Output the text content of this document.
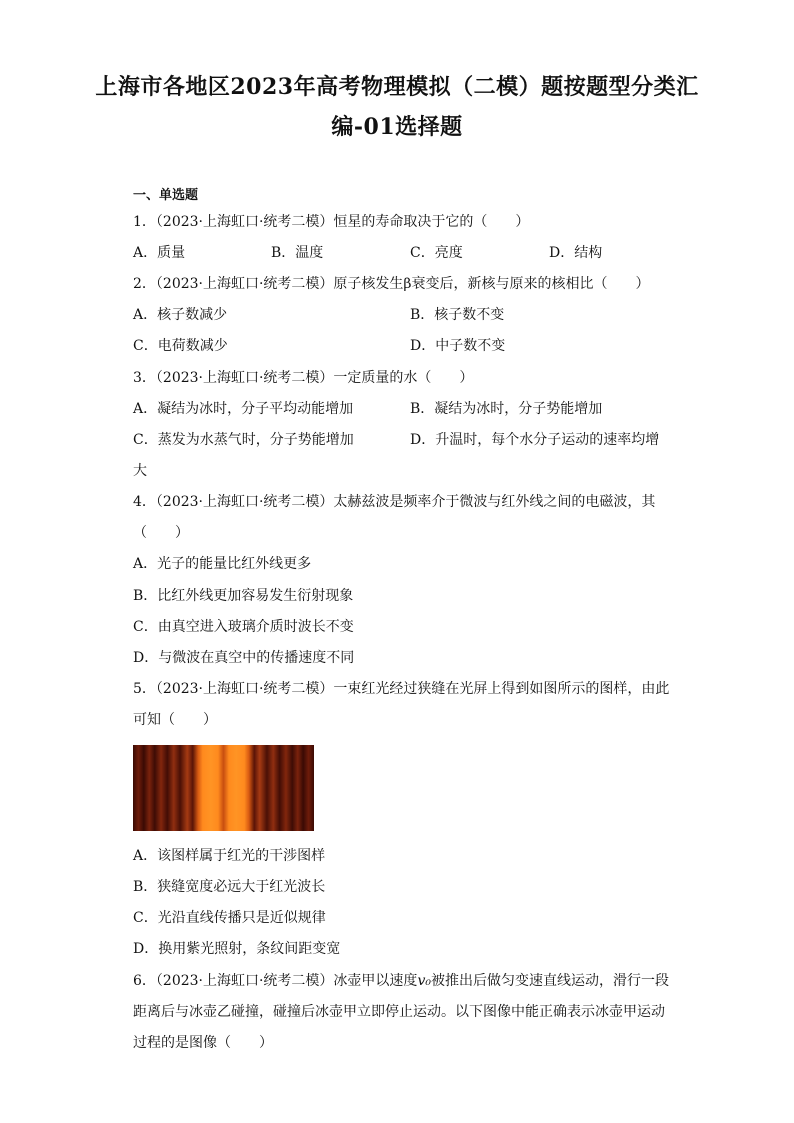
上海市各地区2023年高考物理模拟（二模）题按题型分类汇
编-01选择题
一、单选题
1．（2023·上海虹口·统考二模）恒星的寿命取决于它的（　　）
A．质量	B．温度	C．亮度	D．结构
2．（2023·上海虹口·统考二模）原子核发生β衰变后，新核与原来的核相比（　　）
A．核子数减少	B．核子数不变
C．电荷数减少	D．中子数不变
3．（2023·上海虹口·统考二模）一定质量的水（　　）
A．凝结为冰时，分子平均动能增加	B．凝结为冰时，分子势能增加
C．蒸发为水蒸气时，分子势能增加	D．升温时，每个水分子运动的速率均增
大
4．（2023·上海虹口·统考二模）太赫兹波是频率介于微波与红外线之间的电磁波，其
（　　）
A．光子的能量比红外线更多
B．比红外线更加容易发生衍射现象
C．由真空进入玻璃介质时波长不变
D．与微波在真空中的传播速度不同
5．（2023·上海虹口·统考二模）一束红光经过狭缝在光屏上得到如图所示的图样，由此
可知（　　）
A．该图样属于红光的干涉图样
B．狭缝宽度必远大于红光波长
C．光沿直线传播只是近似规律
D．换用紫光照射，条纹间距变宽
6．（2023·上海虹口·统考二模）冰壶甲以速度v₀被推出后做匀变速直线运动，滑行一段
距离后与冰壶乙碰撞，碰撞后冰壶甲立即停止运动。以下图像中能正确表示冰壶甲运动
过程的是图像（　　）
